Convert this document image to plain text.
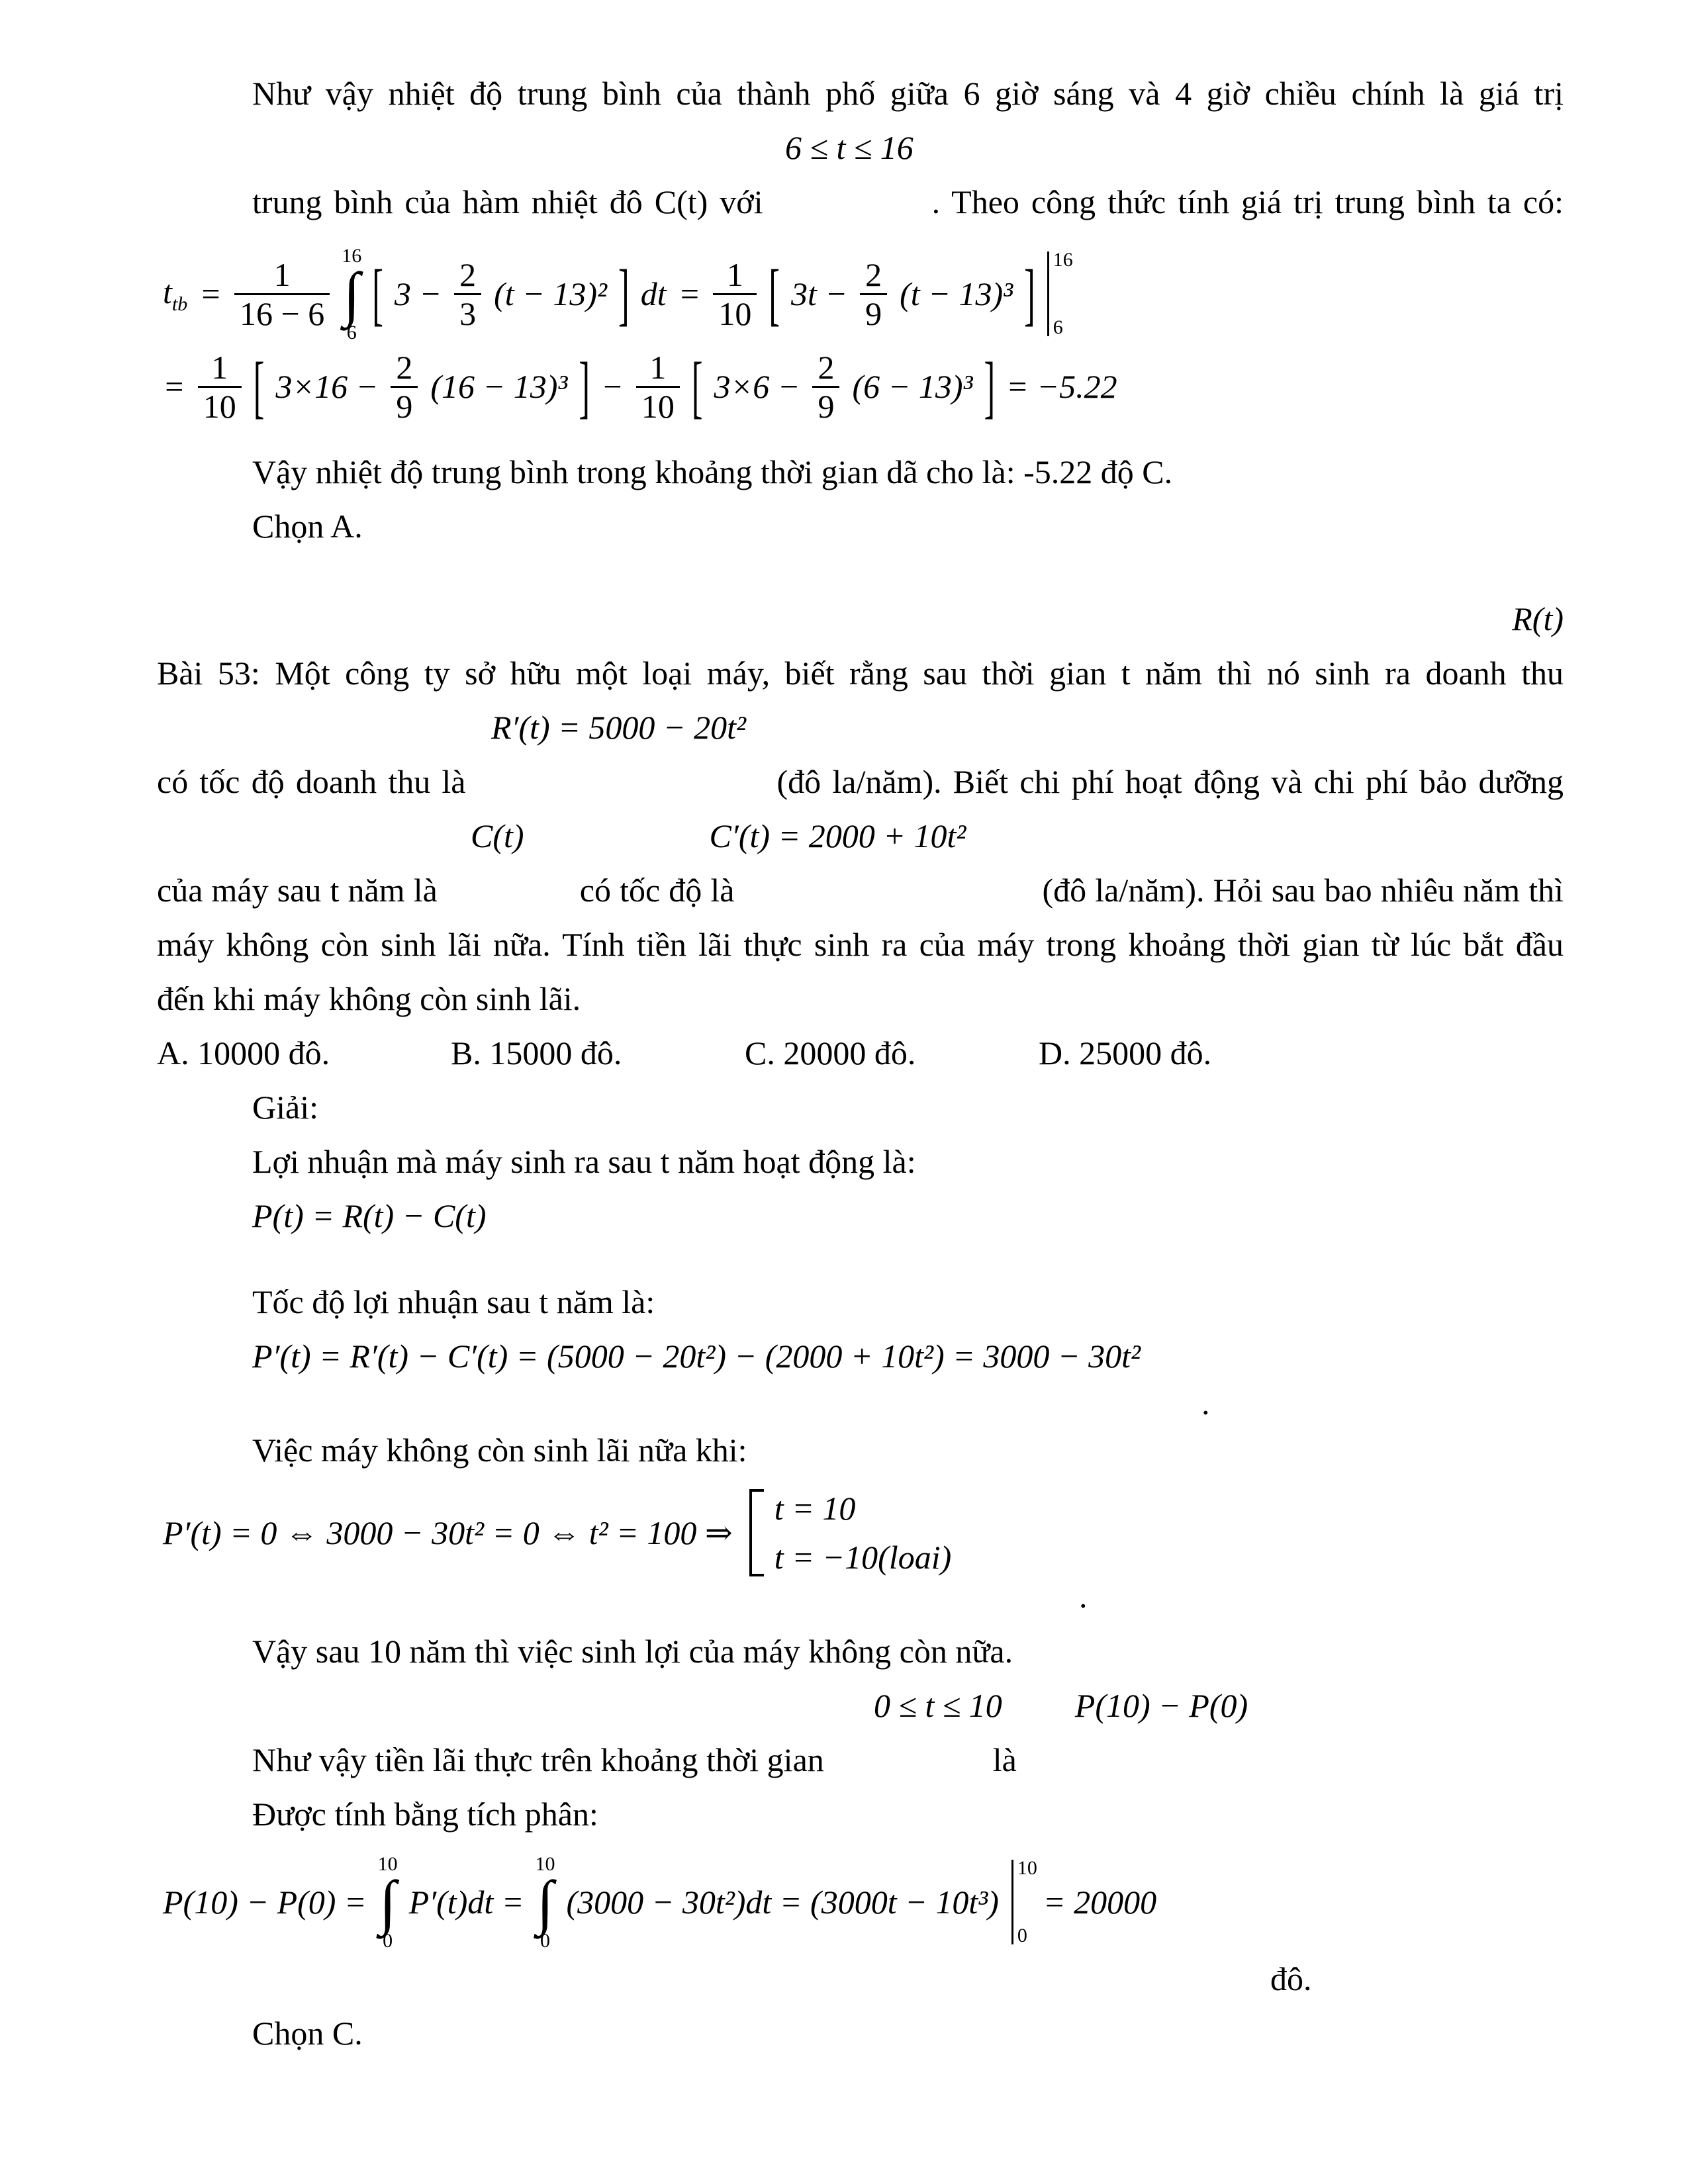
Như vậy nhiệt độ trung bình của thành phố giữa 6 giờ sáng và 4 giờ chiều chính là giá trị
6 ≤ t ≤ 16
trung bình của hàm nhiệt đô C(t) với	. Theo công thức tính giá trị trung bình ta có:
$t_{tb} = \frac{1}{16 - 6}$
16
∫
6 [ $3 - \frac{2}{3} (t - 13)^2$ ] dt = $\frac{1}{10}$ [ $3t - \frac{2}{9} (t - 13)^3$ ] 16
6
= $\frac{1}{10}$ [ $3\times 16 - \frac{2}{9} (16 - 13)^3$ ] − $\frac{1}{10}$ [ $3\times 6 - \frac{2}{9} (6 - 13)^3$ ] = −5.22
Vậy nhiệt độ trung bình trong khoảng thời gian dã cho là: -5.22 độ C.
Chọn A.
R(t)
Bài 53: Một công ty sở hữu một loại máy, biết rằng sau thời gian t năm thì nó sinh ra doanh thu
R′(t) = 5000 − 20t²
có tốc độ doanh thu là	(đô la/năm). Biết chi phí hoạt động và chi phí bảo dưỡng
C(t)	C′(t) = 2000 + 10t²
của máy sau t năm là	có tốc độ là	(đô la/năm). Hỏi sau bao nhiêu năm thì
máy không còn sinh lãi nữa. Tính tiền lãi thực sinh ra của máy trong khoảng thời gian từ lúc bắt đầu
đến khi máy không còn sinh lãi.
A. 10000 đô.	B. 15000 đô.	C. 20000 đô.	D. 25000 đô.
Giải:
Lợi nhuận mà máy sinh ra sau t năm hoạt động là:
P(t) = R(t) − C(t)
Tốc độ lợi nhuận sau t năm là:
P′(t) = R′(t) − C′(t) = (5000 − 20t²) − (2000 + 10t²) = 3000 − 30t²
.
Việc máy không còn sinh lãi nữa khi:
P′(t) = 0 ⇔ 3000 − 30t² = 0 ⇔ t² = 100 ⇒
t = 10
t = −10(loai)
.
Vậy sau 10 năm thì việc sinh lợi của máy không còn nữa.
0 ≤ t ≤ 10 P(10) − P(0)
Như vậy tiền lãi thực trên khoảng thời gian	là
Được tính bằng tích phân:
P(10) − P(0) =
10
∫
0
P′(t)dt =
10
∫
0
(3000 − 30t²)dt = (3000t − 10t³)
10
0
= 20000
đô.
Chọn C.
